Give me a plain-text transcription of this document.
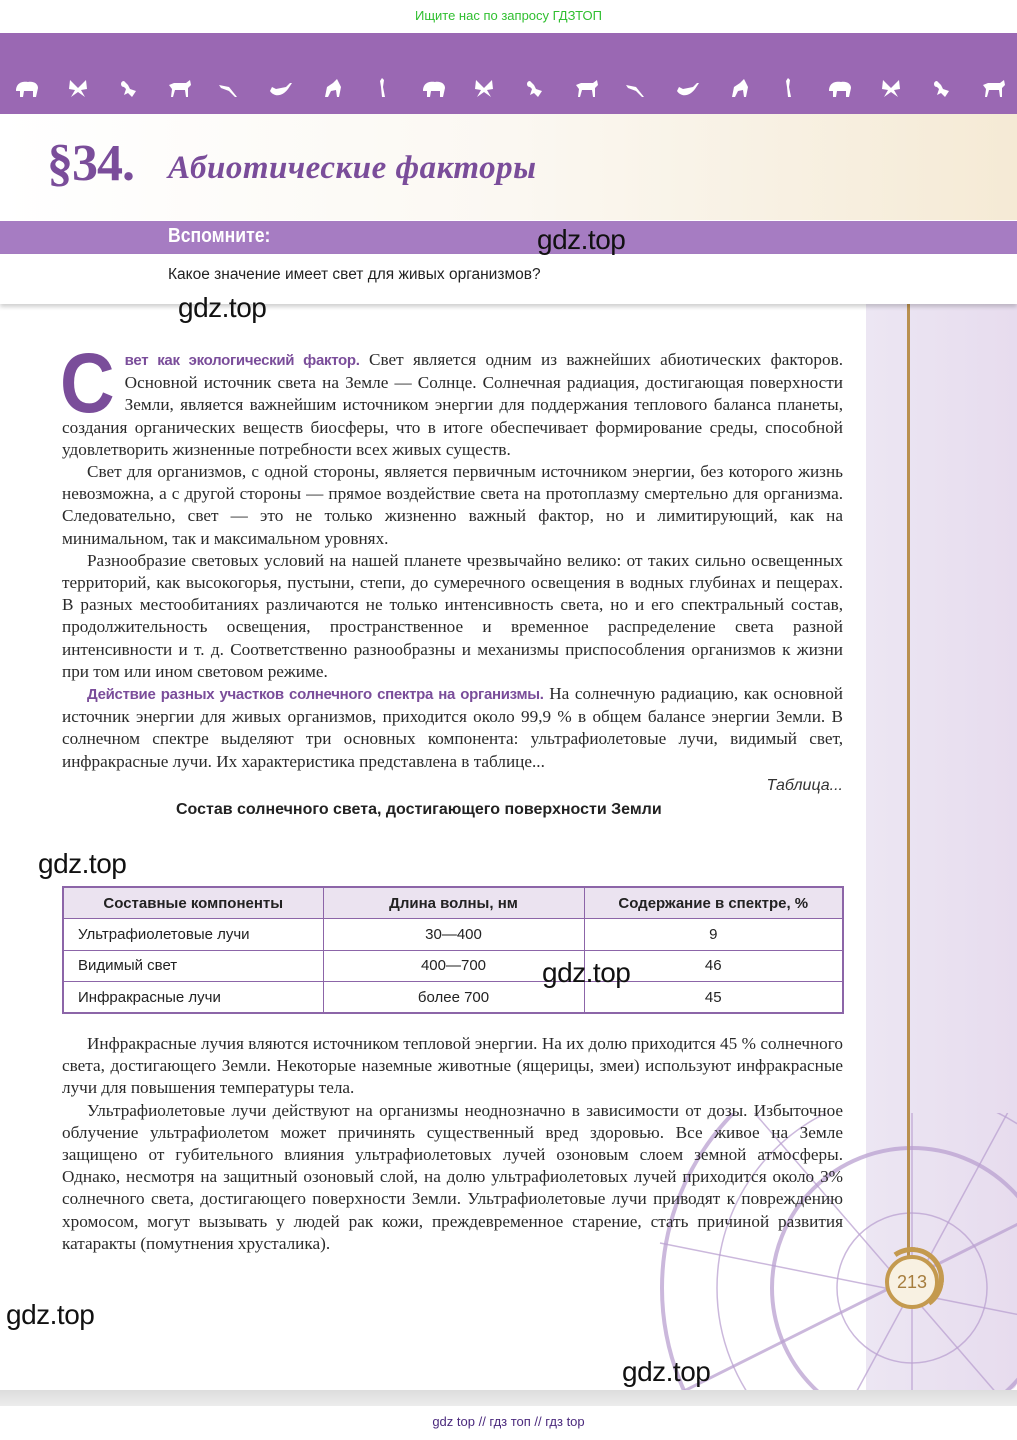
Ищите нас по запросу ГДЗТОП
§34. Абиотические факторы
Вспомните:
Какое значение имеет свет для живых организмов?
Свет как экологический фактор. Свет является одним из важнейших абиотических факторов. Основной источник света на Земле — Солнце. Солнечная радиация, достигающая поверхности Земли, является важнейшим источником энергии для поддержания теплового баланса планеты, создания органических веществ биосферы, что в итоге обеспечивает формирование среды, способной удовлетворить жизненные потребности всех живых существ.
Свет для организмов, с одной стороны, является первичным источником энергии, без которого жизнь невозможна, а с другой стороны — прямое воздействие света на протоплазму смертельно для организма. Следовательно, свет — это не только жизненно важный фактор, но и лимитирующий, как на минимальном, так и максимальном уровнях.
Разнообразие световых условий на нашей планете чрезвычайно велико: от таких сильно освещенных территорий, как высокогорья, пустыни, степи, до сумеречного освещения в водных глубинах и пещерах. В разных местообитаниях различаются не только интенсивность света, но и его спектральный состав, продолжительность освещения, пространственное и временное распределение света разной интенсивности и т. д. Соответственно разнообразны и механизмы приспособления организмов к жизни при том или ином световом режиме.
Действие разных участков солнечного спектра на организмы. На солнечную радиацию, как основной источник энергии для живых организмов, приходится около 99,9 % в общем балансе энергии Земли. В солнечном спектре выделяют три основных компонента: ультрафиолетовые лучи, видимый свет, инфракрасные лучи. Их характеристика представлена в таблице...
Таблица...
Состав солнечного света, достигающего поверхности Земли
Составные компоненты	Длина волны, нм	Содержание в спектре, %
Ультрафиолетовые лучи	30—400	9
Видимый свет	400—700	46
Инфракрасные лучи	более 700	45
Инфракрасные лучия вляются источником тепловой энергии. На их долю приходится 45 % солнечного света, достигающего Земли. Некоторые наземные животные (ящерицы, змеи) используют инфракрасные лучи для повышения температуры тела.
Ультрафиолетовые лучи действуют на организмы неоднозначно в зависимости от дозы. Избыточное облучение ультрафиолетом может причинять существенный вред здоровью. Все живое на Земле защищено от губительного влияния ультрафиолетовых лучей озоновым слоем земной атмосферы. Однако, несмотря на защитный озоновый слой, на долю ультрафиолетовых лучей приходится около 3% солнечного света, достигающего поверхности Земли. Ультрафиолетовые лучи приводят к повреждению хромосом, могут вызывать у людей рак кожи, преждевременное старение, стать причиной развития катаракты (помутнения хрусталика).
213
gdz.top
gdz.top
gdz.top
gdz.top
gdz.top
gdz.top
gdz top // гдз топ // гдз top
